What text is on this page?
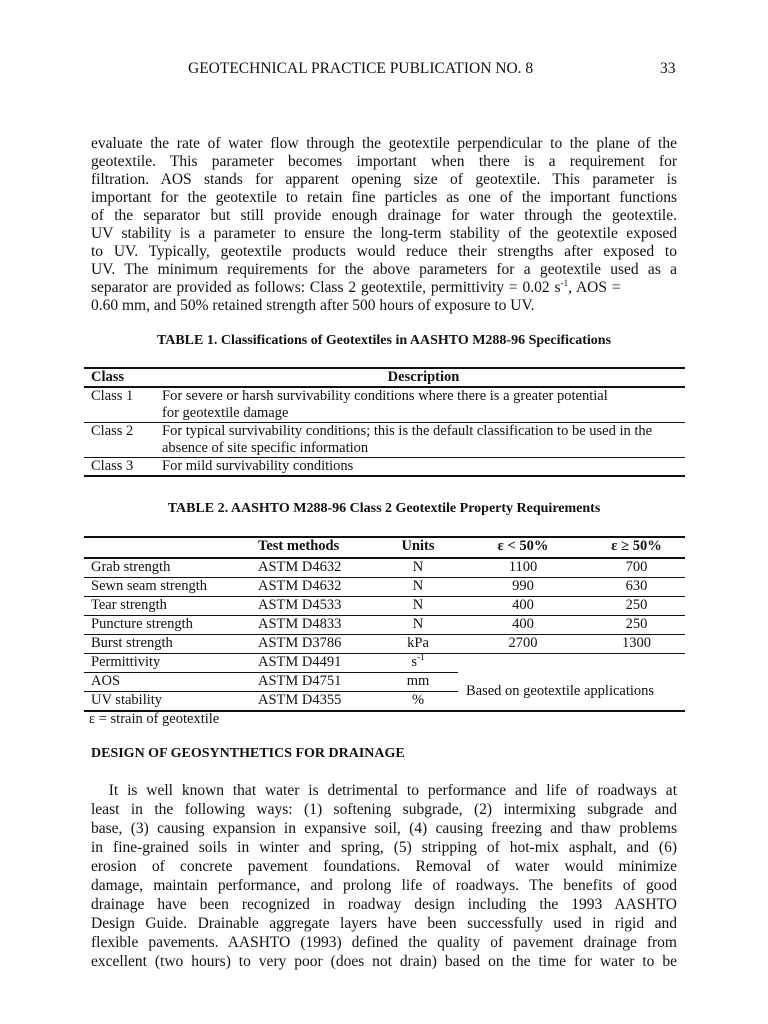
GEOTECHNICAL PRACTICE PUBLICATION NO. 8	33
evaluate the rate of water flow through the geotextile perpendicular to the plane of the
geotextile. This parameter becomes important when there is a requirement for
filtration. AOS stands for apparent opening size of geotextile. This parameter is
important for the geotextile to retain fine particles as one of the important functions
of the separator but still provide enough drainage for water through the geotextile.
UV stability is a parameter to ensure the long-term stability of the geotextile exposed
to UV. Typically, geotextile products would reduce their strengths after exposed to
UV. The minimum requirements for the above parameters for a geotextile used as a
separator are provided as follows: Class 2 geotextile, permittivity = 0.02 $s^{-1}$, AOS =
0.60 mm, and 50% retained strength after 500 hours of exposure to UV.
TABLE 1. Classifications of Geotextiles in AASHTO M288-96 Specifications
Class	Description
Class 1	For severe or harsh survivability conditions where there is a greater potential for geotextile damage
Class 2	For typical survivability conditions; this is the default classification to be used in the absence of site specific information
Class 3	For mild survivability conditions
TABLE 2. AASHTO M288-96 Class 2 Geotextile Property Requirements
	Test methods	Units	ε < 50%	ε ≥ 50%
Grab strength	ASTM D4632	N	1100	700
Sewn seam strength	ASTM D4632	N	990	630
Tear strength	ASTM D4533	N	400	250
Puncture strength	ASTM D4833	N	400	250
Burst strength	ASTM D3786	kPa	2700	1300
Permittivity	ASTM D4491	$s^{-1}$	Based on geotextile applications	
AOS	ASTM D4751	mm		
UV stability	ASTM D4355	%		
ε = strain of geotextile
DESIGN OF GEOSYNTHETICS FOR DRAINAGE
It is well known that water is detrimental to performance and life of roadways at
least in the following ways: (1) softening subgrade, (2) intermixing subgrade and
base, (3) causing expansion in expansive soil, (4) causing freezing and thaw problems
in fine-grained soils in winter and spring, (5) stripping of hot-mix asphalt, and (6)
erosion of concrete pavement foundations. Removal of water would minimize
damage, maintain performance, and prolong life of roadways. The benefits of good
drainage have been recognized in roadway design including the 1993 AASHTO
Design Guide. Drainable aggregate layers have been successfully used in rigid and
flexible pavements. AASHTO (1993) defined the quality of pavement drainage from
excellent (two hours) to very poor (does not drain) based on the time for water to be
